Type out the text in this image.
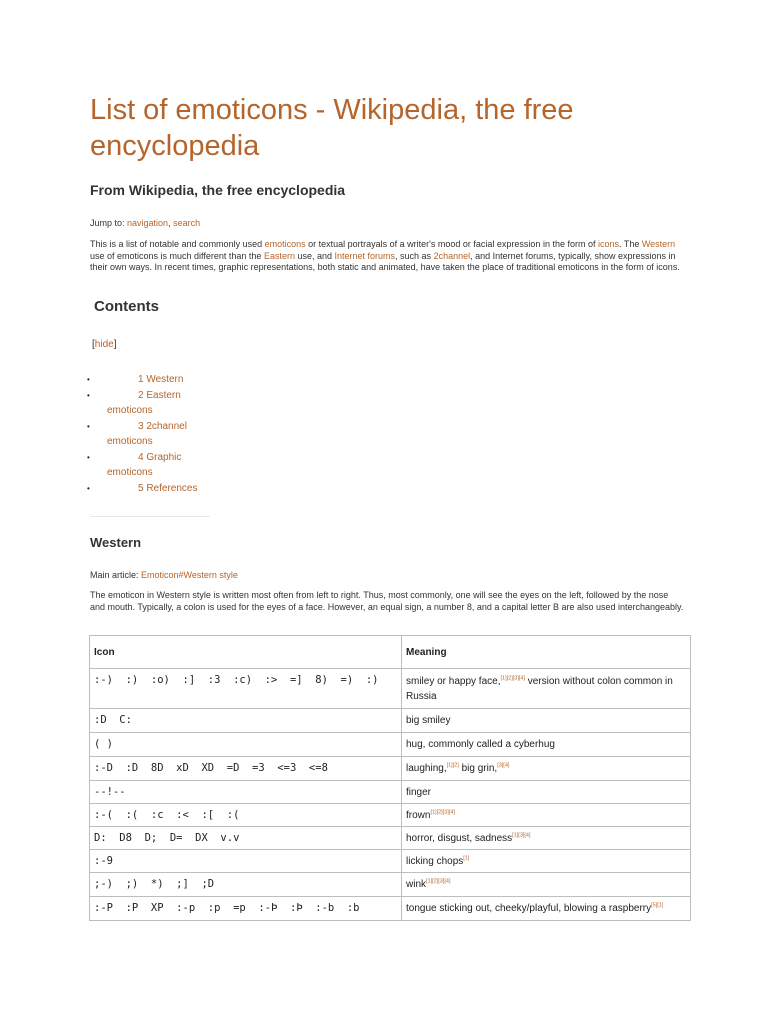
List of emoticons - Wikipedia, the free encyclopedia
From Wikipedia, the free encyclopedia
Jump to: navigation, search

This is a list of notable and commonly used emoticons or textual portrayals of a writer's mood or facial expression in the form of icons. The Western use of emoticons is much different than the Eastern use, and Internet forums, such as 2channel, and Internet forums, typically, show expressions in their own ways. In recent times, graphic representations, both static and animated, have taken the place of traditional emoticons in the form of icons.

Contents
[hide]
•	1 Western
•	2 Eastern emoticons
•	3 2channel emoticons
•	4 Graphic emoticons
•	5 References
Western
Main article: Emoticon#Western style

The emoticon in Western style is written most often from left to right. Thus, most commonly, one will see the eyes on the left, followed by the nose and mouth. Typically, a colon is used for the eyes of a face. However, an equal sign, a number 8, and a capital letter B are also used interchangeably.

Icon	Meaning
:-)  :)  :o)  :]  :3  :c)  :>  =]  8)  =)  :)	smiley or happy face,[1][2][3][4] version without colon common in Russia
:D  C:	big smiley
( )	hug, commonly called a cyberhug
:-D  :D  8D  xD  XD  =D  =3  <=3  <=8	laughing,[1][2] big grin,[3][4]
--!--	finger
:-(  :(  :c  :<  :[  :(	frown[1][2][3][4]
D:  D8  D;  D=  DX  v.v	horror, disgust, sadness[1][3][4]
:-9	licking chops[1]
;-)  ;)  *)  ;]  ;D	wink[1][2][3][4]
:-P  :P  XP  :-p  :p  =p  :-Þ  :Þ  :-b  :b	tongue sticking out, cheeky/playful, blowing a raspberry[5][1]
